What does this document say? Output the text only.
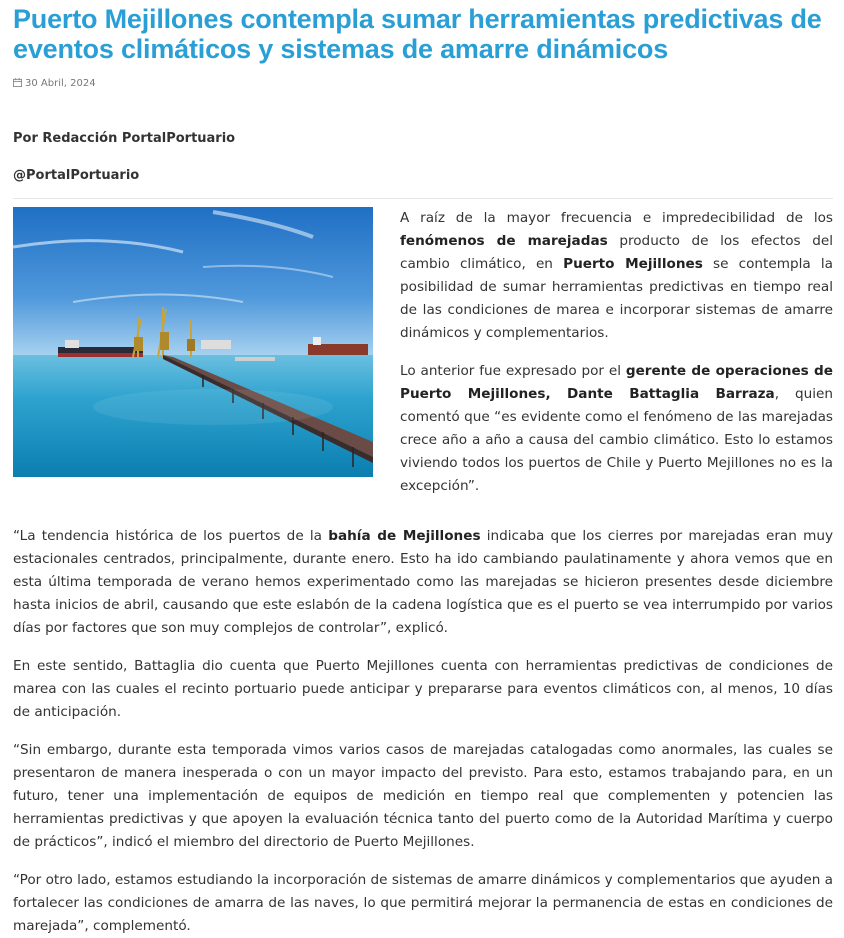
Puerto Mejillones contempla sumar herramientas predictivas de eventos climáticos y sistemas de amarre dinámicos
30 Abril, 2024
Por Redacción PortalPortuario
@PortalPortuario

A raíz de la mayor frecuencia e impredecibilidad de los fenómenos de marejadas producto de los efectos del cambio climático, en Puerto Mejillones se contempla la posibilidad de sumar herramientas predictivas en tiempo real de las condiciones de marea e incorporar sistemas de amarre dinámicos y complementarios.

Lo anterior fue expresado por el gerente de operaciones de Puerto Mejillones, Dante Battaglia Barraza, quien comentó que “es evidente como el fenómeno de las marejadas crece año a año a causa del cambio climático. Esto lo estamos viviendo todos los puertos de Chile y Puerto Mejillones no es la excepción”.

“La tendencia histórica de los puertos de la bahía de Mejillones indicaba que los cierres por marejadas eran muy estacionales centrados, principalmente, durante enero. Esto ha ido cambiando paulatinamente y ahora vemos que en esta última temporada de verano hemos experimentado como las marejadas se hicieron presentes desde diciembre hasta inicios de abril, causando que este eslabón de la cadena logística que es el puerto se vea interrumpido por varios días por factores que son muy complejos de controlar”, explicó.

En este sentido, Battaglia dio cuenta que Puerto Mejillones cuenta con herramientas predictivas de condiciones de marea con las cuales el recinto portuario puede anticipar y prepararse para eventos climáticos con, al menos, 10 días de anticipación.

“Sin embargo, durante esta temporada vimos varios casos de marejadas catalogadas como anormales, las cuales se presentaron de manera inesperada o con un mayor impacto del previsto. Para esto, estamos trabajando para, en un futuro, tener una implementación de equipos de medición en tiempo real que complementen y potencien las herramientas predictivas y que apoyen la evaluación técnica tanto del puerto como de la Autoridad Marítima y cuerpo de prácticos”, indicó el miembro del directorio de Puerto Mejillones.

“Por otro lado, estamos estudiando la incorporación de sistemas de amarre dinámicos y complementarios que ayuden a fortalecer las condiciones de amarra de las naves, lo que permitirá mejorar la permanencia de estas en condiciones de marejada”, complementó.
